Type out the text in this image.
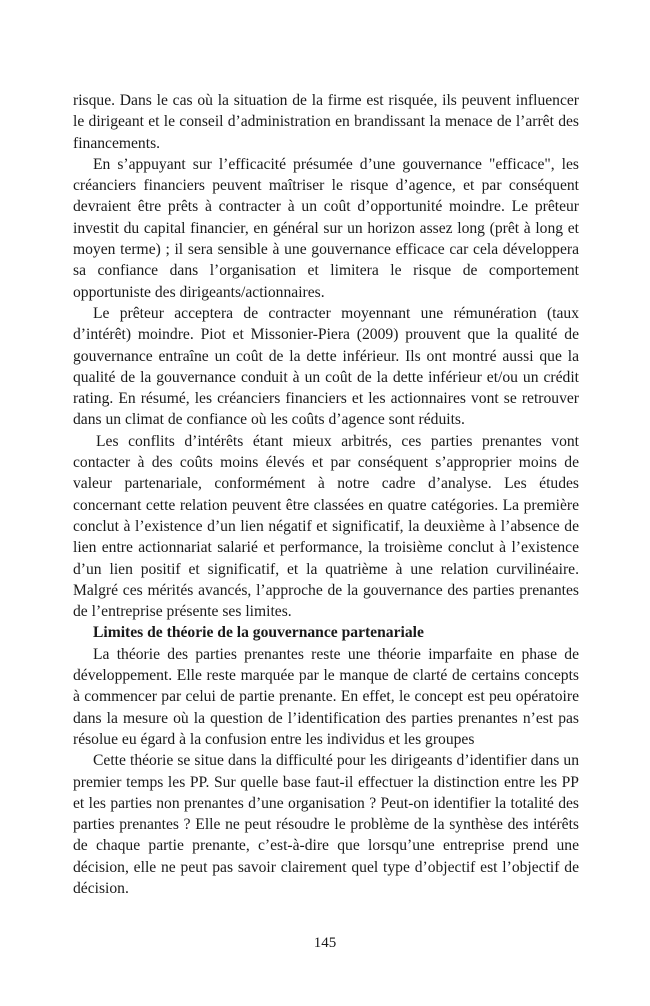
risque. Dans le cas où la situation de la firme est risquée, ils peuvent influencer le dirigeant et le conseil d’administration en brandissant la menace de l’arrêt des financements.

En s’appuyant sur l’efficacité présumée d’une gouvernance "efficace", les créanciers financiers peuvent maîtriser le risque d’agence, et par conséquent devraient être prêts à contracter à un coût d’opportunité moindre. Le prêteur investit du capital financier, en général sur un horizon assez long (prêt à long et moyen terme) ; il sera sensible à une gouvernance efficace car cela développera sa confiance dans l’organisation et limitera le risque de comportement opportuniste des dirigeants/actionnaires.

Le prêteur acceptera de contracter moyennant une rémunération (taux d’intérêt) moindre. Piot et Missonier-Piera (2009) prouvent que la qualité de gouvernance entraîne un coût de la dette inférieur. Ils ont montré aussi que la qualité de la gouvernance conduit à un coût de la dette inférieur et/ou un crédit rating. En résumé, les créanciers financiers et les actionnaires vont se retrouver dans un climat de confiance où les coûts d’agence sont réduits.

Les conflits d’intérêts étant mieux arbitrés, ces parties prenantes vont contacter à des coûts moins élevés et par conséquent s’approprier moins de valeur partenariale, conformément à notre cadre d’analyse. Les études concernant cette relation peuvent être classées en quatre catégories. La première conclut à l’existence d’un lien négatif et significatif, la deuxième à l’absence de lien entre actionnariat salarié et performance, la troisième conclut à l’existence d’un lien positif et significatif, et la quatrième à une relation curvilinéaire. Malgré ces mérités avancés, l’approche de la gouvernance des parties prenantes de l’entreprise présente ses limites.

Limites de théorie de la gouvernance partenariale

La théorie des parties prenantes reste une théorie imparfaite en phase de développement. Elle reste marquée par le manque de clarté de certains concepts à commencer par celui de partie prenante. En effet, le concept est peu opératoire dans la mesure où la question de l’identification des parties prenantes n’est pas résolue eu égard à la confusion entre les individus et les groupes

Cette théorie se situe dans la difficulté pour les dirigeants d’identifier dans un premier temps les PP. Sur quelle base faut-il effectuer la distinction entre les PP et les parties non prenantes d’une organisation ? Peut-on identifier la totalité des parties prenantes ? Elle ne peut résoudre le problème de la synthèse des intérêts de chaque partie prenante, c’est-à-dire que lorsqu’une entreprise prend une décision, elle ne peut pas savoir clairement quel type d’objectif est l’objectif de décision.

145
